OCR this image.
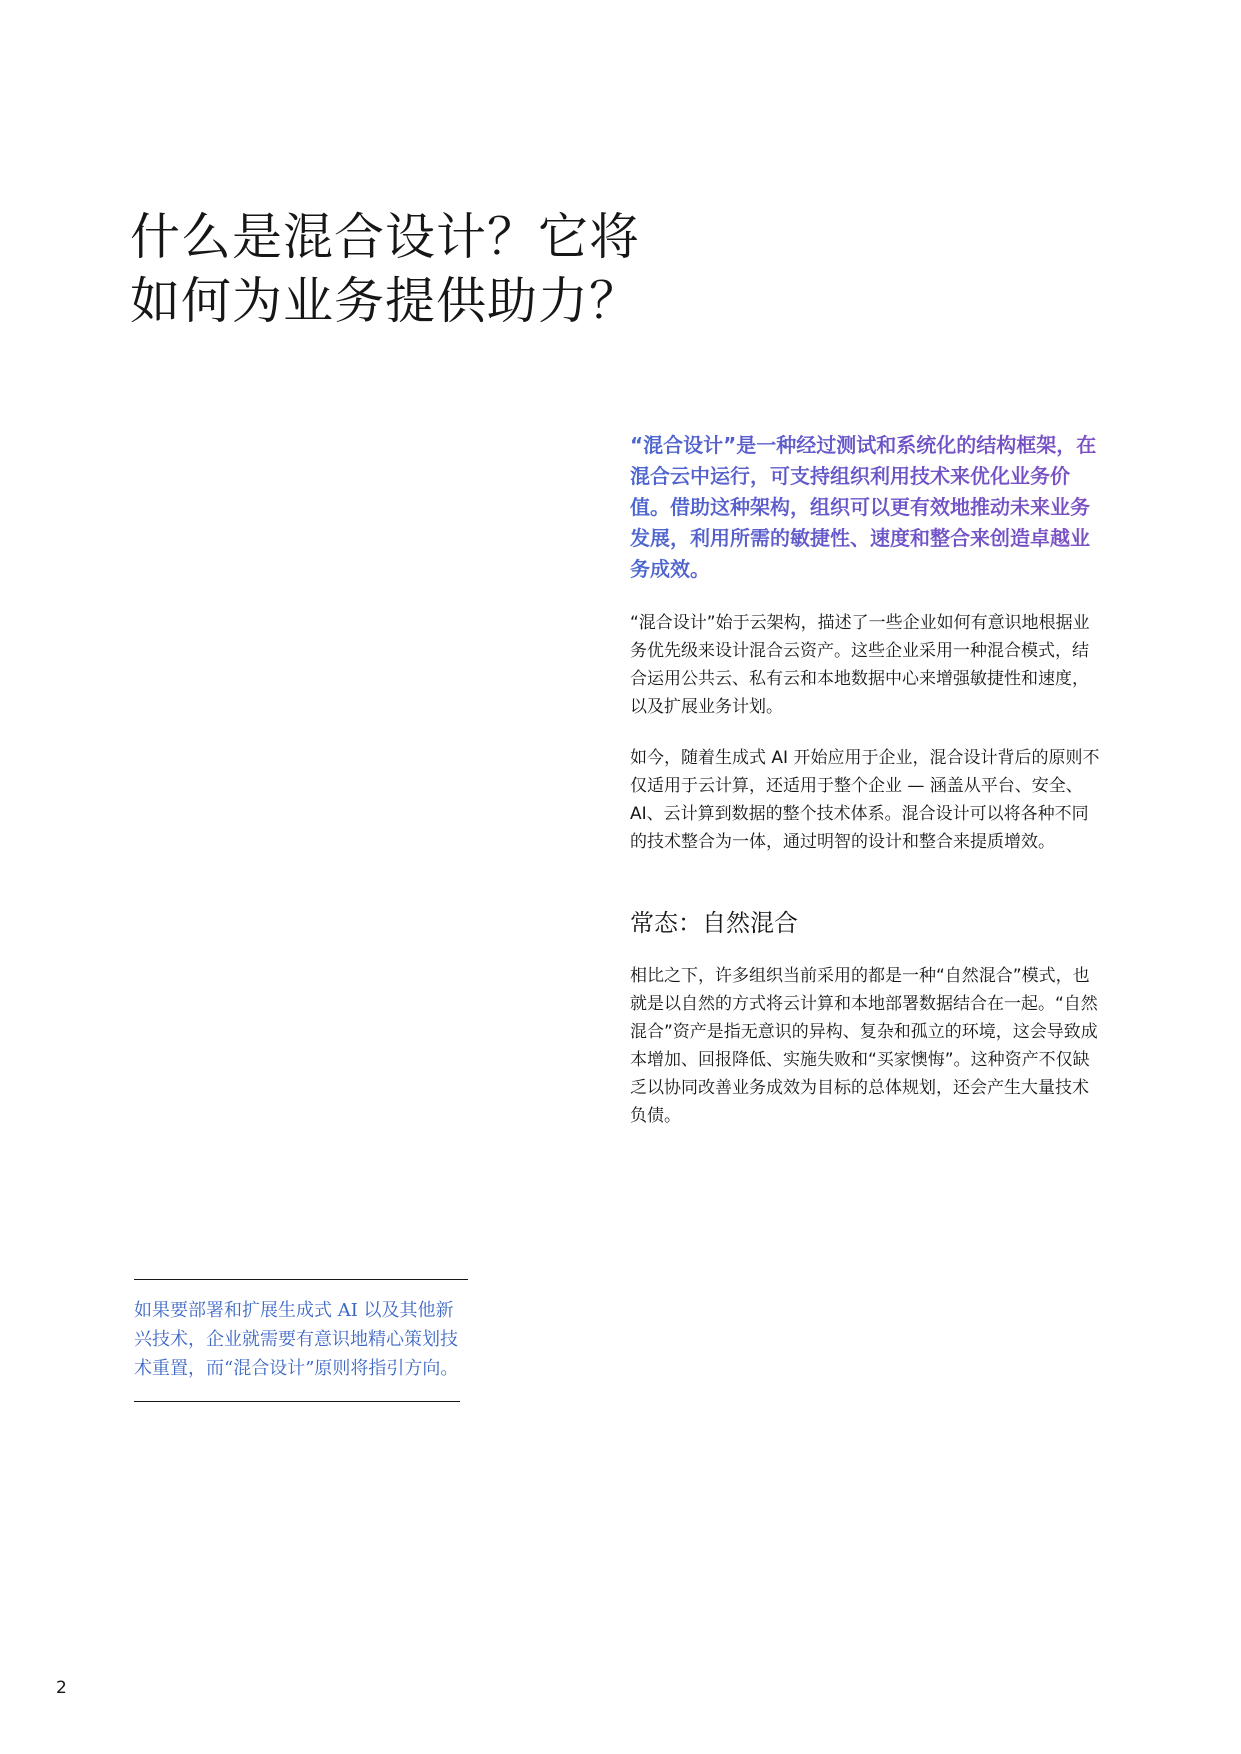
什么是混合设计？它将
如何为业务提供助力？

“混合设计”是一种经过测试和系统化的结构框架，在混合云中运行，可支持组织利用技术来优化业务价值。借助这种架构，组织可以更有效地推动未来业务发展，利用所需的敏捷性、速度和整合来创造卓越业务成效。

“混合设计”始于云架构，描述了一些企业如何有意识地根据业务优先级来设计混合云资产。这些企业采用一种混合模式，结合运用公共云、私有云和本地数据中心来增强敏捷性和速度，以及扩展业务计划。

如今，随着生成式 AI 开始应用于企业，混合设计背后的原则不仅适用于云计算，还适用于整个企业 — 涵盖从平台、安全、AI、云计算到数据的整个技术体系。混合设计可以将各种不同的技术整合为一体，通过明智的设计和整合来提质增效。

常态：自然混合

相比之下，许多组织当前采用的都是一种“自然混合”模式，也就是以自然的方式将云计算和本地部署数据结合在一起。“自然混合”资产是指无意识的异构、复杂和孤立的环境，这会导致成本增加、回报降低、实施失败和“买家懊悔”。这种资产不仅缺乏以协同改善业务成效为目标的总体规划，还会产生大量技术负债。

如果要部署和扩展生成式 AI 以及其他新兴技术，企业就需要有意识地精心策划技术重置，而“混合设计”原则将指引方向。

2
